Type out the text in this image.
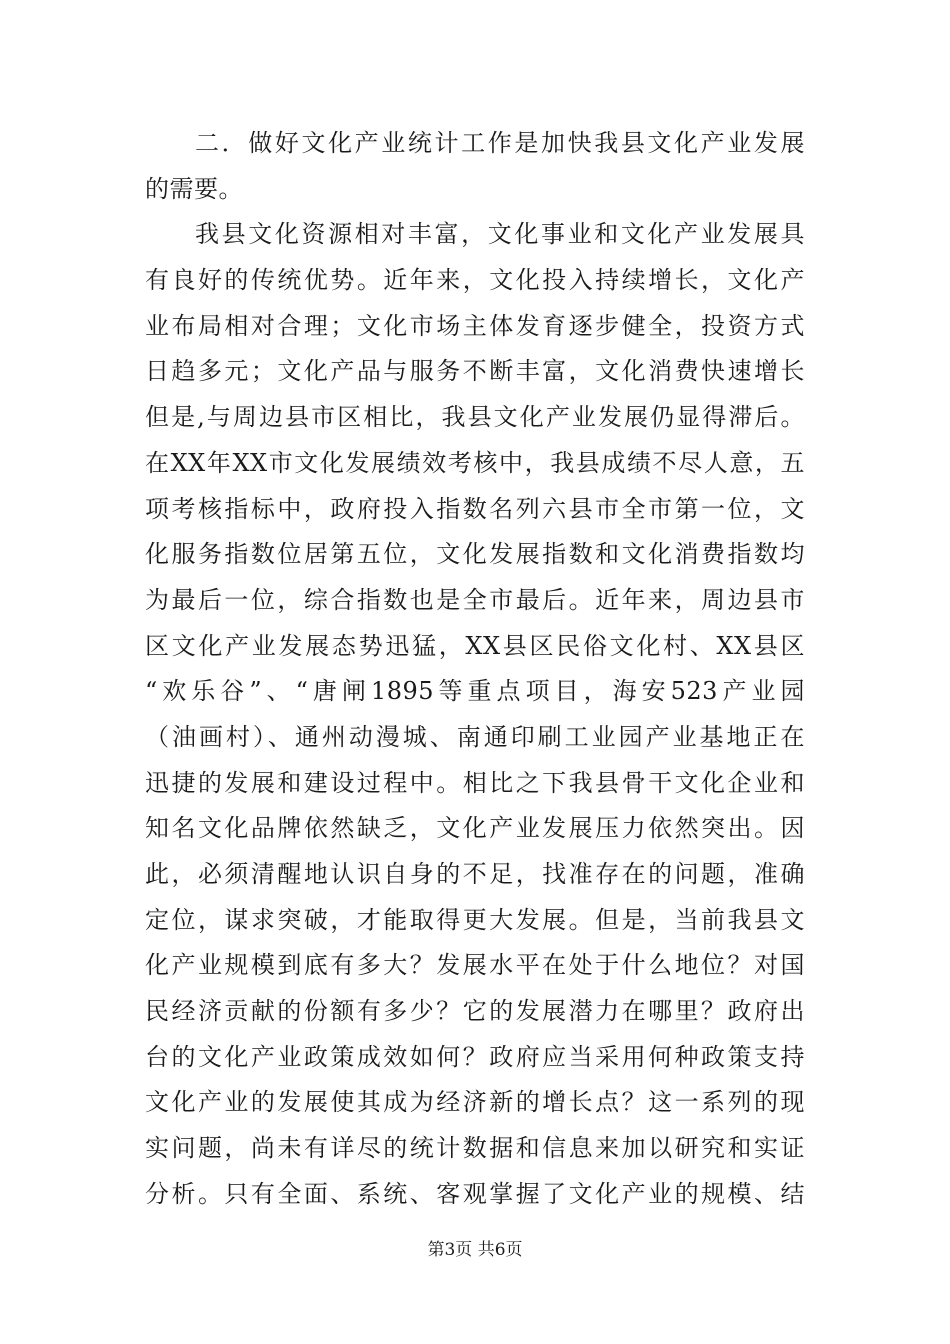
二．做好文化产业统计工作是加快我县文化产业发展
的需要。
我县文化资源相对丰富，文化事业和文化产业发展具
有良好的传统优势。近年来，文化投入持续增长，文化产
业布局相对合理；文化市场主体发育逐步健全，投资方式
日趋多元；文化产品与服务不断丰富，文化消费快速增长
但是,与周边县市区相比，我县文化产业发展仍显得滞后。
在XX年XX市文化发展绩效考核中，我县成绩不尽人意，五
项考核指标中，政府投入指数名列六县市全市第一位，文
化服务指数位居第五位，文化发展指数和文化消费指数均
为最后一位，综合指数也是全市最后。近年来，周边县市
区文化产业发展态势迅猛，XX县区民俗文化村、XX县区
“欢乐谷”、“唐闸1895等重点项目，海安523产业园
（油画村）、通州动漫城、南通印刷工业园产业基地正在
迅捷的发展和建设过程中。相比之下我县骨干文化企业和
知名文化品牌依然缺乏，文化产业发展压力依然突出。因
此，必须清醒地认识自身的不足，找准存在的问题，准确
定位，谋求突破，才能取得更大发展。但是，当前我县文
化产业规模到底有多大？发展水平在处于什么地位？对国
民经济贡献的份额有多少？它的发展潜力在哪里？政府出
台的文化产业政策成效如何？政府应当采用何种政策支持
文化产业的发展使其成为经济新的增长点？这一系列的现
实问题，尚未有详尽的统计数据和信息来加以研究和实证
分析。只有全面、系统、客观掌握了文化产业的规模、结
第3页 共6页
